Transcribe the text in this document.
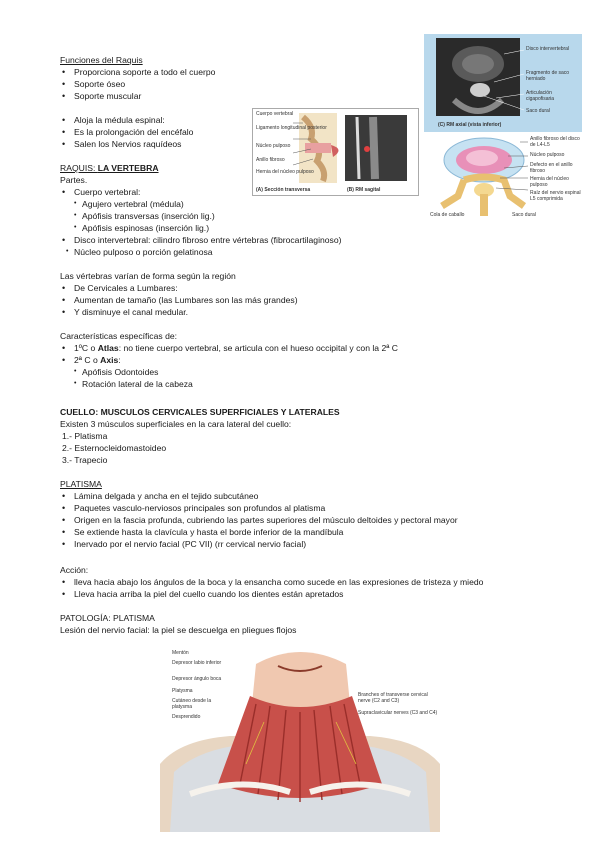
Funciones del Raquis
• Proporciona soporte a todo el cuerpo
• Soporte óseo
• Soporte muscular
• Aloja la médula espinal:
• Es la prolongación del encéfalo
• Salen los Nervios raquídeos
RAQUIS: LA VERTEBRA
Partes.
• Cuerpo vertebral:
• Agujero vertebral (médula)
• Apófisis transversas (inserción lig.)
• Apófisis espinosas (inserción lig.)
• Disco intervertebral: cilindro fibroso entre vértebras (fibrocartilaginoso)
• Núcleo pulposo o porción gelatinosa
Las vértebras varían de forma según la región
• De Cervicales a Lumbares:
• Aumentan de tamaño (las Lumbares son las más grandes)
• Y disminuye el canal medular.
Características específicas de:
• 1ºC o Atlas: no tiene cuerpo vertebral, se articula con el hueso occipital y con la 2ª C
• 2ª C o Axis:
• Apófisis Odontoides
• Rotación lateral de la cabeza
CUELLO: MUSCULOS CERVICALES SUPERFICIALES Y LATERALES
Existen 3 músculos superficiales en la cara lateral del cuello:
1.- Platisma
2.- Esternocleidomastoideo
3.- Trapecio
PLATISMA
• Lámina delgada y ancha en el tejido subcutáneo
• Paquetes vasculo-nerviosos principales son profundos al platisma
• Origen en la fascia profunda, cubriendo las partes superiores del músculo deltoides y pectoral mayor
• Se extiende hasta la clavícula y hasta el borde inferior de la mandíbula
• Inervado por el nervio facial (PC VII) (rr cervical nervio facial)
Acción:
• lleva hacia abajo los ángulos de la boca y la ensancha como sucede en las expresiones de tristeza y miedo
• Lleva hacia arriba la piel del cuello cuando los dientes están apretados
PATOLOGÍA: PLATISMA
Lesión del nervio facial: la piel se descuelga en pliegues flojos
Cuerpo vertebral
Ligamento longitudinal posterior
Núcleo pulposo
Anillo fibroso
Hernia del núcleo pulposo
(A) Sección transversa	(B) RM sagital
Disco intervertebral
Fragmento de saco herniado
Articulación cigapofisaria
Saco dural
(C) RM axial (vista inferior)
Anillo fibroso del disco de L4-L5
Núcleo pulposo
Defecto en el anillo fibroso
Hernia del núcleo pulposo
Raíz del nervio espinal L5 comprimida
Cola de caballo	Saco dural
Mentón
Depresor labio inferior
Depresor ángulo boca
Platysma
Cutáneo desde la platysma
Desprendido
Branches of transverse cervical nerve (C2 and C3)
Supraclavicular nerves (C3 and C4)
